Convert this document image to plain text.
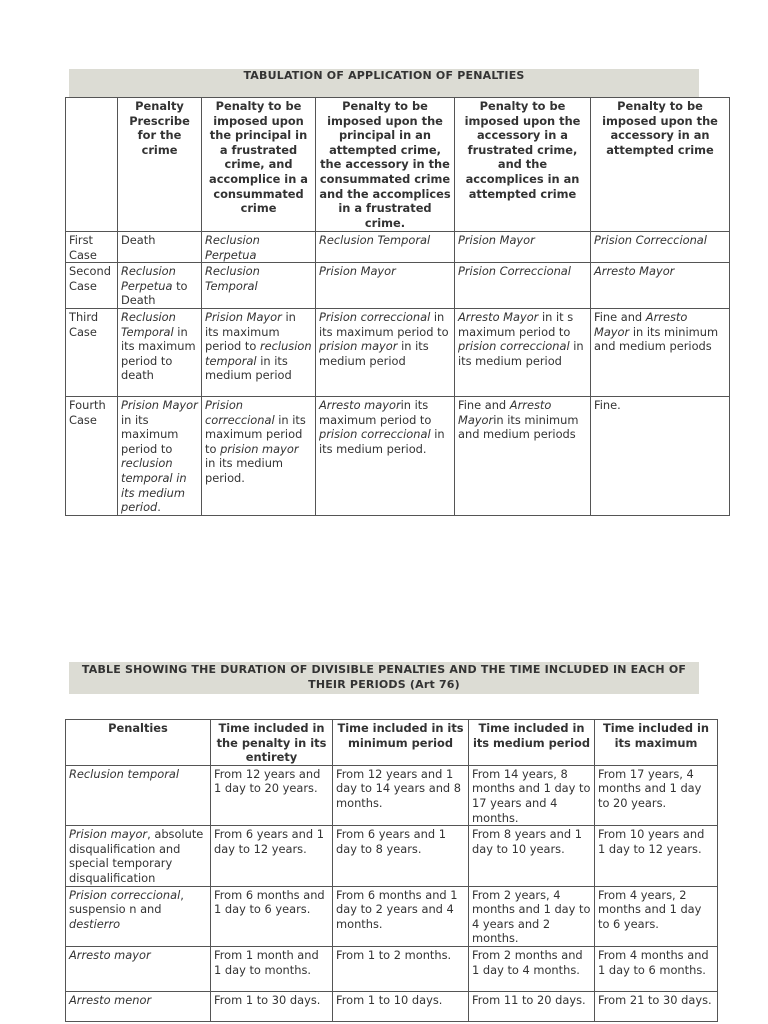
TABULATION OF APPLICATION OF PENALTIES
	Penalty Prescribe for the crime	Penalty to be imposed upon the principal in a frustrated crime, and accomplice in a consummated crime	Penalty to be imposed upon the principal in an attempted crime, the accessory in the consummated crime and the accomplices in a frustrated crime.	Penalty to be imposed upon the accessory in a frustrated crime, and the accomplices in an attempted crime	Penalty to be imposed upon the accessory in an attempted crime
First Case	Death	Reclusion Perpetua	Reclusion Temporal	Prision Mayor	Prision Correccional
Second Case	Reclusion Perpetua to Death	Reclusion Temporal	Prision Mayor	Prision Correccional	Arresto Mayor
Third Case	Reclusion Temporal in its maximum period to death	Prision Mayor in its maximum period to reclusion temporal in its medium period	Prision correccional in its maximum period to prision mayor in its medium period	Arresto Mayor in it s maximum period to prision correccional in its medium period	Fine and Arresto Mayor in its minimum and medium periods
Fourth Case	Prision Mayor in its maximum period to reclusion temporal in its medium period.	Prision correccional in its maximum period to prision mayor in its medium period.	Arresto mayorin its maximum period to prision correccional in its medium period.	Fine and Arresto Mayorin its minimum and medium periods	Fine.
TABLE SHOWING THE DURATION OF DIVISIBLE PENALTIES AND THE TIME INCLUDED IN EACH OF THEIR PERIODS (Art 76)
Penalties	Time included in the penalty in its entirety	Time included in its minimum period	Time included in its medium period	Time included in its maximum
Reclusion temporal	From 12 years and 1 day to 20 years.	From 12 years and 1 day to 14 years and 8 months.	From 14 years, 8 months and 1 day to 17 years and 4 months.	From 17 years, 4 months and 1 day to 20 years.
Prision mayor, absolute disqualification and special temporary disqualification	From 6 years and 1 day to 12 years.	From 6 years and 1 day to 8 years.	From 8 years and 1 day to 10 years.	From 10 years and 1 day to 12 years.
Prision correccional, suspensio n and destierro	From 6 months and 1 day to 6 years.	From 6 months and 1 day to 2 years and 4 months.	From 2 years, 4 months and 1 day to 4 years and 2 months.	From 4 years, 2 months and 1 day to 6 years.
Arresto mayor	From 1 month and 1 day to months.	From 1 to 2 months.	From 2 months and 1 day to 4 months.	From 4 months and 1 day to 6 months.
Arresto menor	From 1 to 30 days.	From 1 to 10 days.	From 11 to 20 days.	From 21 to 30 days.
